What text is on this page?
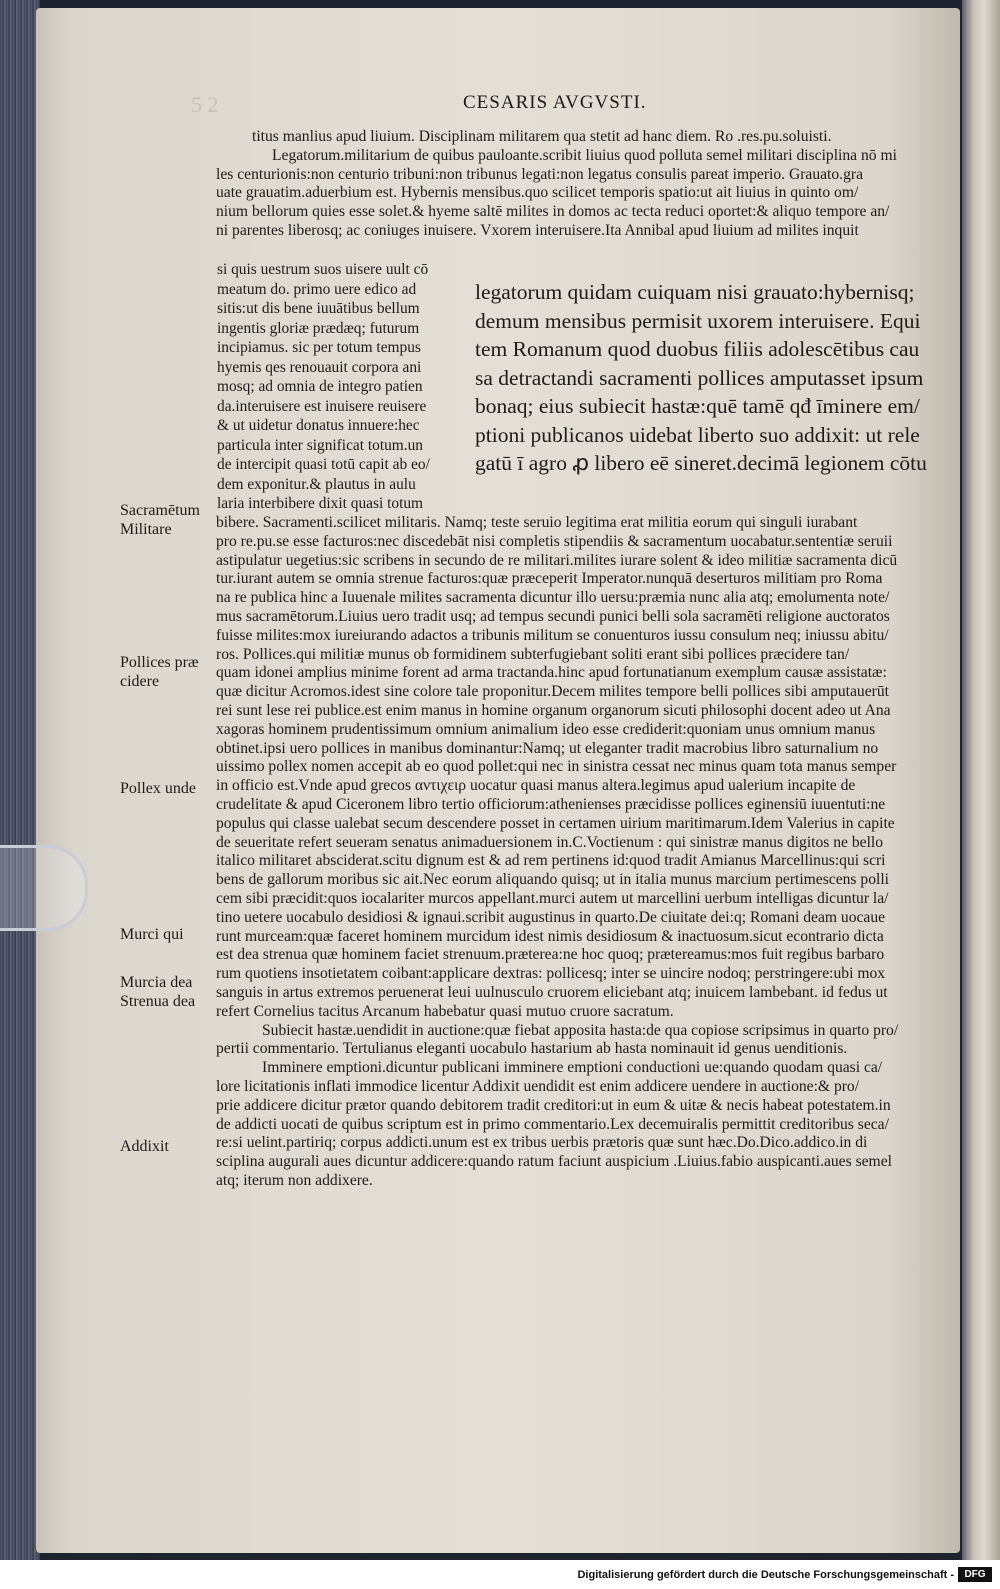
5 2	CESARIS AVGVSTI.
titus manlius apud liuium. Disciplinam militarem qua stetit ad hanc diem. Ro .res.pu.soluisti.
Legatorum.militarium de quibus pauloante.scribit liuius quod polluta semel militari disciplina nō mi
les centurionis:non centurio tribuni:non tribunus legati:non legatus consulis pareat imperio. Grauato.gra
uate grauatim.aduerbium est. Hybernis mensibus.quo scilicet temporis spatio:ut ait liuius in quinto om/
nium bellorum quies esse solet.& hyeme saltē milites in domos ac tecta reduci oportet:& aliquo tempore an/
ni parentes liberosq; ac coniuges inuisere. Vxorem interuisere.Ita Annibal apud liuium ad milites inquit
si quis uestrum suos uisere uult cō
meatum do. primo uere edico ad
sitis:ut dis bene iuuātibus bellum
ingentis gloriæ prædæq; futurum
incipiamus. sic per totum tempus
hyemis qes renouauit corpora ani
mosq; ad omnia de integro patien
da.interuisere est inuisere reuisere
& ut uidetur donatus innuere:hec
particula inter significat totum.un
de intercipit quasi totū capit ab eo/
dem exponitur.& plautus in aulu
laria interbibere dixit quasi totum
legatorum quidam cuiquam nisi grauato:hybernisq;
demum mensibus permisit uxorem interuisere. Equi
tem Romanum quod duobus filiis adolescētibus cau
sa detractandi sacramenti pollices amputasset ipsum
bonaq; eius subiecit hastæ:quē tamē qđ īminere em/
ptioni publicanos uidebat liberto suo addixit: ut rele
gatū ī agro ꝓ libero eē sineret.decimā legionem cōtu
bibere. Sacramenti.scilicet militaris. Namq; teste seruio legitima erat militia eorum qui singuli iurabant
pro re.pu.se esse facturos:nec discedebāt nisi completis stipendiis & sacramentum uocabatur.sententiæ seruii
astipulatur uegetius:sic scribens in secundo de re militari.milites iurare solent & ideo militiæ sacramenta dicū
tur.iurant autem se omnia strenue facturos:quæ præceperit Imperator.nunquā deserturos militiam pro Roma
na re publica hinc a Iuuenale milites sacramenta dicuntur illo uersu:præmia nunc alia atq; emolumenta note/
mus sacramētorum.Liuius uero tradit usq; ad tempus secundi punici belli sola sacramēti religione auctoratos
fuisse milites:mox iureiurando adactos a tribunis militum se conuenturos iussu consulum neq; iniussu abitu/
ros. Pollices.qui militiæ munus ob formidinem subterfugiebant soliti erant sibi pollices præcidere tan/
quam idonei amplius minime forent ad arma tractanda.hinc apud fortunatianum exemplum causæ assistatæ:
quæ dicitur Acromos.idest sine colore tale proponitur.Decem milites tempore belli pollices sibi amputauerūt
rei sunt lese rei publice.est enim manus in homine organum organorum sicuti philosophi docent adeo ut Ana
xagoras hominem prudentissimum omnium animalium ideo esse crediderit:quoniam unus omnium manus
obtinet.ipsi uero pollices in manibus dominantur:Namq; ut eleganter tradit macrobius libro saturnalium no
uissimo pollex nomen accepit ab eo quod pollet:qui nec in sinistra cessat nec minus quam tota manus semper
in officio est.Vnde apud grecos αντιχειρ uocatur quasi manus altera.legimus apud ualerium incapite de
crudelitate & apud Ciceronem libro tertio officiorum:athenienses præcidisse pollices eginensiū iuuentuti:ne
populus qui classe ualebat secum descendere posset in certamen uirium maritimarum.Idem Valerius in capite
de seueritate refert seueram senatus animaduersionem in.C.Voctienum : qui sinistræ manus digitos ne bello
italico militaret absciderat.scitu dignum est & ad rem pertinens id:quod tradit Amianus Marcellinus:qui scri
bens de gallorum moribus sic ait.Nec eorum aliquando quisq; ut in italia munus marcium pertimescens polli
cem sibi præcidit:quos iocalariter murcos appellant.murci autem ut marcellini uerbum intelligas dicuntur la/
tino uetere uocabulo desidiosi & ignaui.scribit augustinus in quarto.De ciuitate dei:q; Romani deam uocaue
runt murceam:quæ faceret hominem murcidum idest nimis desidiosum & inactuosum.sicut econtrario dicta
est dea strenua quæ hominem faciet strenuum.præterea:ne hoc quoq; prætereamus:mos fuit regibus barbaro
rum quotiens insotietatem coibant:applicare dextras: pollicesq; inter se uincire nodoq; perstringere:ubi mox
sanguis in artus extremos peruenerat leui uulnusculo cruorem eliciebant atq; inuicem lambebant. id fedus ut
refert Cornelius tacitus Arcanum habebatur quasi mutuo cruore sacratum.
Subiecit hastæ.uendidit in auctione:quæ fiebat apposita hasta:de qua copiose scripsimus in quarto pro/
pertii commentario. Tertulianus eleganti uocabulo hastarium ab hasta nominauit id genus uenditionis.
Imminere emptioni.dicuntur publicani imminere emptioni conductioni ue:quando quodam quasi ca/
lore licitationis inflati immodice licentur Addixit uendidit est enim addicere uendere in auctione:& pro/
prie addicere dicitur prætor quando debitorem tradit creditori:ut in eum & uitæ & necis habeat potestatem.in
de addicti uocati de quibus scriptum est in primo commentario.Lex decemuiralis permittit creditoribus seca/
re:si uelint.partiriq; corpus addicti.unum est ex tribus uerbis prætoris quæ sunt hæc.Do.Dico.addico.in di
sciplina augurali aues dicuntur addicere:quando ratum faciunt auspicium .Liuius.fabio auspicanti.aues semel
atq; iterum non addixere.
Sacramētum
Militare
Pollices præ
cidere
Pollex unde
Murci qui
Murcia dea
Strenua dea
Addixit
Digitalisierung gefördert durch die Deutsche Forschungsgemeinschaft -	DFG
